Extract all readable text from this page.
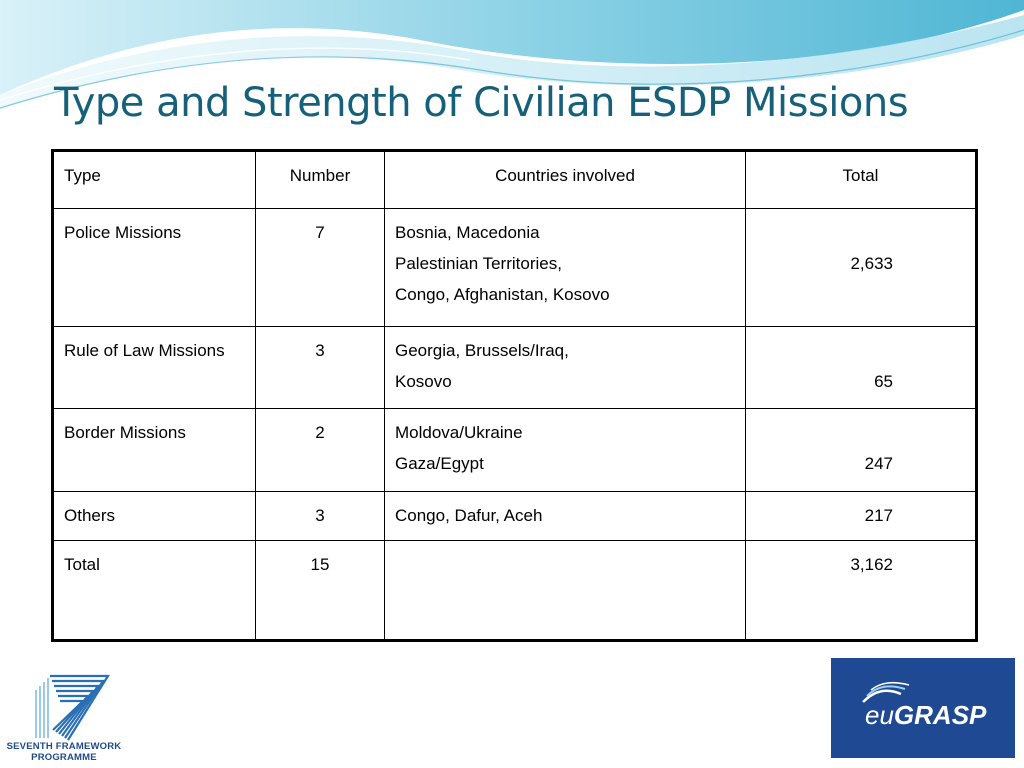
Type and Strength of Civilian ESDP Missions
Type	Number	Countries involved	Total
Police Missions	7	Bosnia, Macedonia
Palestinian Territories,
Congo, Afghanistan, Kosovo	2,633

Rule of Law Missions	3	Georgia, Brussels/Iraq,
Kosovo	65

Border Missions	2	Moldova/Ukraine
Gaza/Egypt	247

Others	3	Congo, Dafur, Aceh	217
Total	15		3,162
SEVENTH FRAMEWORK
PROGRAMME
euGRASP
